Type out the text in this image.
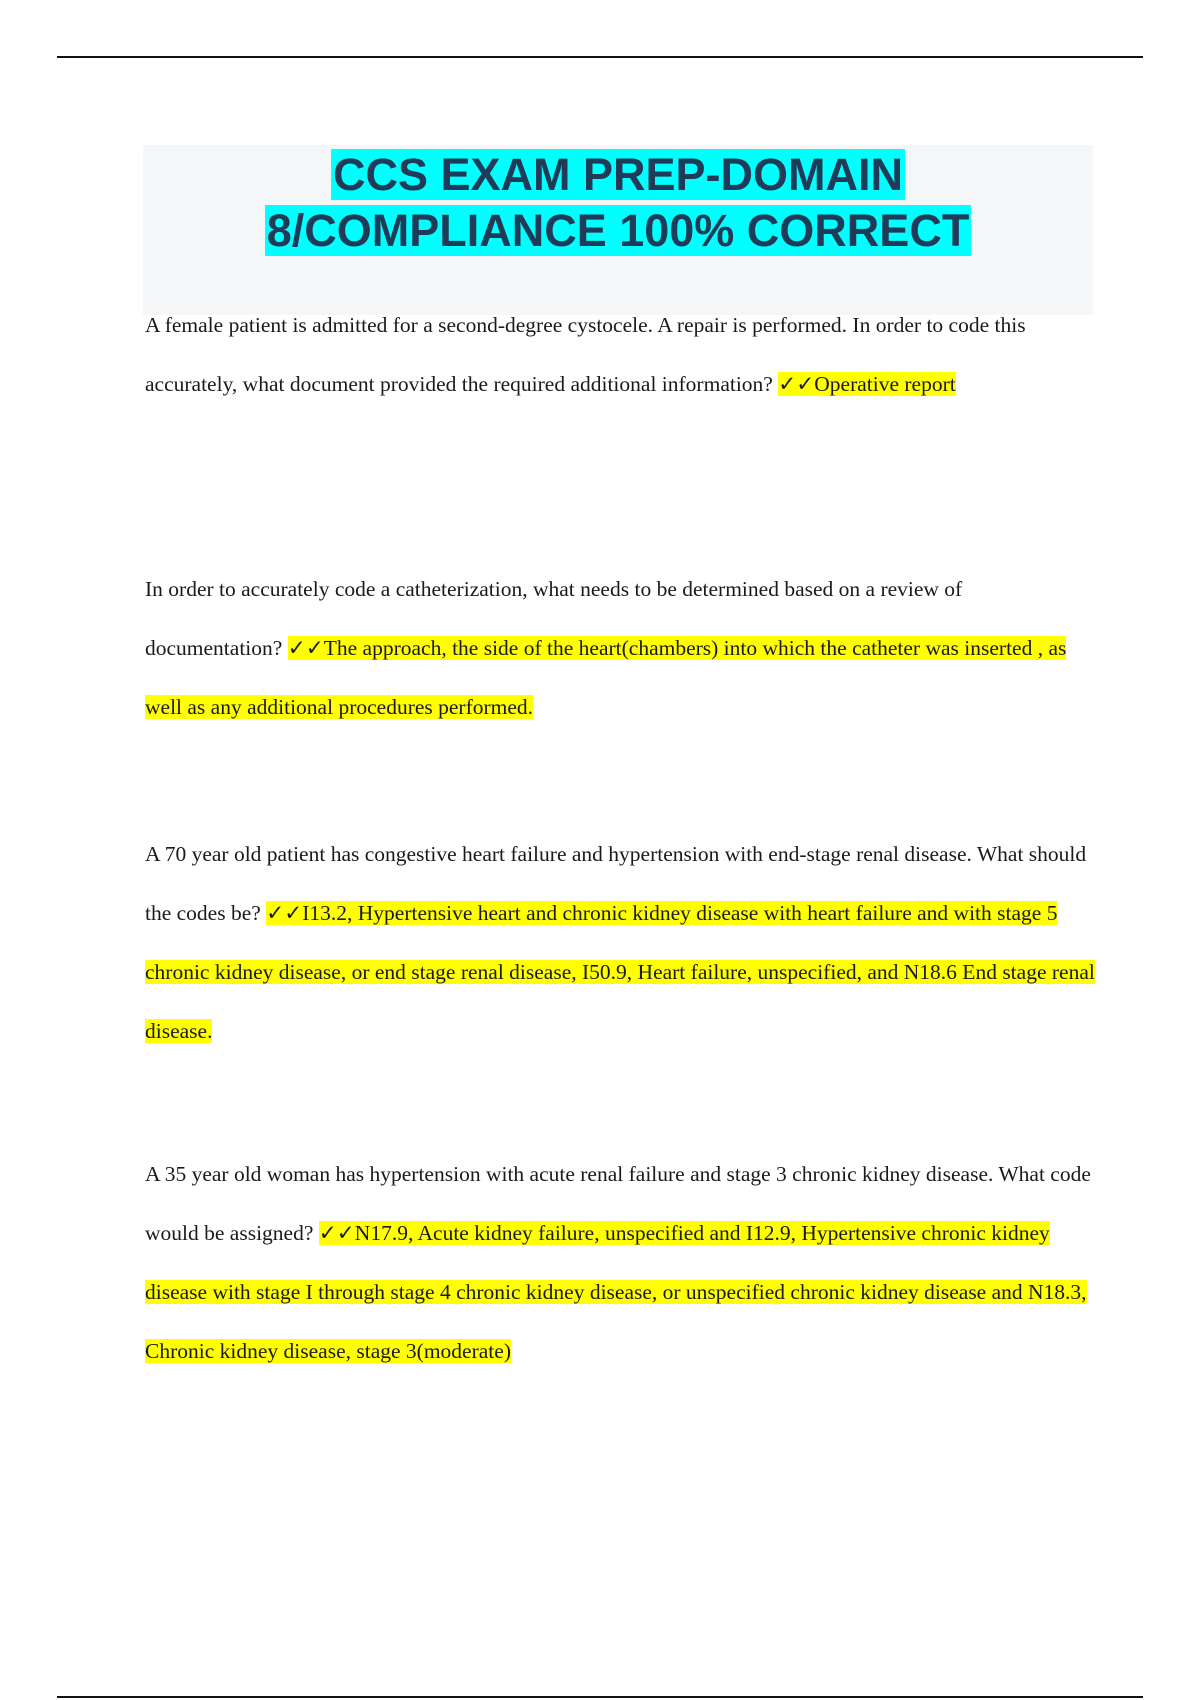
CCS EXAM PREP-DOMAIN
8/COMPLIANCE 100% CORRECT

A female patient is admitted for a second-degree cystocele. A repair is performed. In order to code this accurately, what document provided the required additional information? ✓✓Operative report

In order to accurately code a catheterization, what needs to be determined based on a review of documentation? ✓✓The approach, the side of the heart(chambers) into which the catheter was inserted , as well as any additional procedures performed.

A 70 year old patient has congestive heart failure and hypertension with end-stage renal disease. What should the codes be? ✓✓I13.2, Hypertensive heart and chronic kidney disease with heart failure and with stage 5 chronic kidney disease, or end stage renal disease, I50.9, Heart failure, unspecified, and N18.6 End stage renal disease.

A 35 year old woman has hypertension with acute renal failure and stage 3 chronic kidney disease. What code would be assigned? ✓✓N17.9, Acute kidney failure, unspecified and I12.9, Hypertensive chronic kidney disease with stage I through stage 4 chronic kidney disease, or unspecified chronic kidney disease and N18.3, Chronic kidney disease, stage 3(moderate)
